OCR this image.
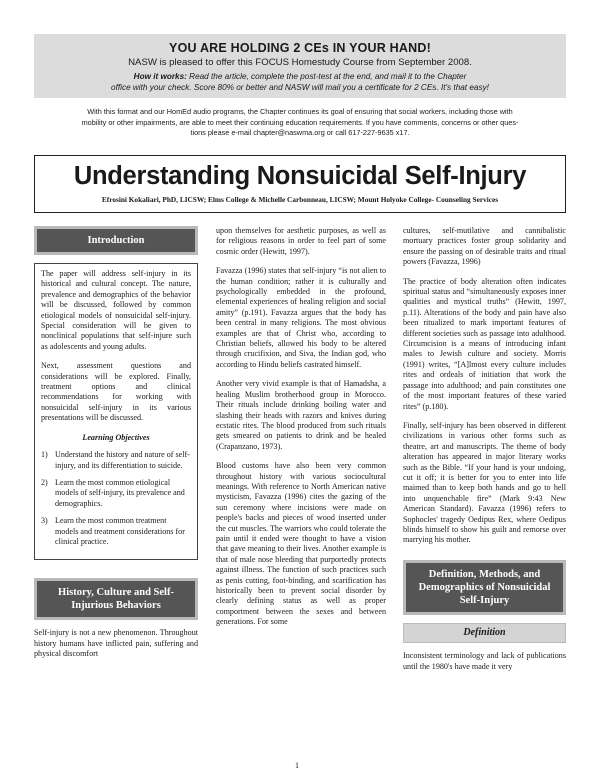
YOU ARE HOLDING 2 CEs IN YOUR HAND!
NASW is pleased to offer this FOCUS Homestudy Course from September 2008.
How it works: Read the article, complete the post-test at the end, and mail it to the Chapter
office with your check. Score 80% or better and NASW will mail you a certificate for 2 CEs. It's that easy!

With this format and our HomEd audio programs, the Chapter continues its goal of ensuring that social workers, including those with

mobility or other impairments, are able to meet their continuing education requirements. If you have comments, concerns or other ques-

tions please e-mail chapter@naswma.org or call 617-227-9635 x17.

Understanding Nonsuicidal Self-Injury
Efrosini Kokaliari, PhD, LICSW; Elms College & Michelle Carbonneau, LICSW; Mount Holyoke College- Counseling Services
Introduction

The paper will address self-injury in its historical and cultural concept. The nature, prevalence and demographics of the behavior will be discussed, followed by common etiological models of nonsuicidal self-injury. Special consideration will be given to nonclinical populations that self-injure such as adolescents and young adults.

Next, assessment questions and considerations will be explored. Finally, treatment options and clinical recommendations for working with nonsuicidal self-injury in its various presentations will be discussed.

Learning Objectives
1) Understand the history and nature of self-injury, and its differentiation to suicide.
2) Learn the most common etiological models of self-injury, its prevalence and demographics.
3) Learn the most common treatment models and treatment considerations for clinical practice.
History, Culture and Self-Injurious Behaviors

Self-injury is not a new phenomenon. Throughout history humans have inflicted pain, suffering and physical discomfort

upon themselves for aesthetic purposes, as well as for religious reasons in order to feel part of some cosmic order (Hewitt, 1997).

Favazza (1996) states that self-injury “is not alien to the human condition; rather it is culturally and psychologically embedded in the profound, elemental experiences of healing religion and social amity” (p.191). Favazza argues that the body has been central in many religions. The most obvious examples are that of Christ who, according to Christian beliefs, allowed his body to be altered through crucifixion, and Siva, the Indian god, who according to Hindu beliefs castrated himself.

Another very vivid example is that of Hamadsha, a healing Muslim brotherhood group in Morocco. Their rituals include drinking boiling water and slashing their heads with razors and knives during ecstatic rites. The blood produced from such rituals gets smeared on patients to drink and be healed (Crapanzano, 1973).

Blood customs have also been very common throughout history with various sociocultural meanings. With reference to North American native mysticism, Favazza (1996) cites the gazing of the sun ceremony where incisions were made on people's backs and pieces of wood inserted under the cut muscles. The warriors who could tolerate the pain until it ended were thought to have a vision that gave meaning to their lives. Another example is that of male nose bleeding that purportedly protects against illness. The function of such practices such as penis cutting, foot-binding, and scarification has historically been to prevent social disorder by clearly defining status as well as proper comportment between the sexes and between generations. For some

cultures, self-mutilative and cannibalistic mortuary practices foster group solidarity and ensure the passing on of desirable traits and ritual powers (Favazza, 1996)

The practice of body alteration often indicates spiritual status and “simultaneously exposes inner qualities and mystical truths” (Hewitt, 1997, p.11). Alterations of the body and pain have also been ritualized to mark important features of different societies such as passage into adulthood. Circumcision is a means of introducing infant males to Jewish culture and society. Morris (1991) writes, “[A]lmost every culture includes rites and ordeals of initiation that work the passage into adulthood; and pain constitutes one of the most important features of these varied rites” (p.180).

Finally, self-injury has been observed in different civilizations in various other forms such as theatre, art and manuscripts. The theme of body alteration has appeared in major literary works such as the Bible. “If your hand is your undoing, cut it off; it is better for you to enter into life maimed than to keep both hands and go to hell into unquenchable fire” (Mark 9:43 New American Standard). Favazza (1996) refers to Sophocles' tragedy Oedipus Rex, where Oedipus blinds himself to show his guilt and remorse over marrying his mother.

Definition, Methods, and Demographics of Nonsuicidal Self-Injury
Definition

Inconsistent terminology and lack of publications until the 1980's have made it very

1
